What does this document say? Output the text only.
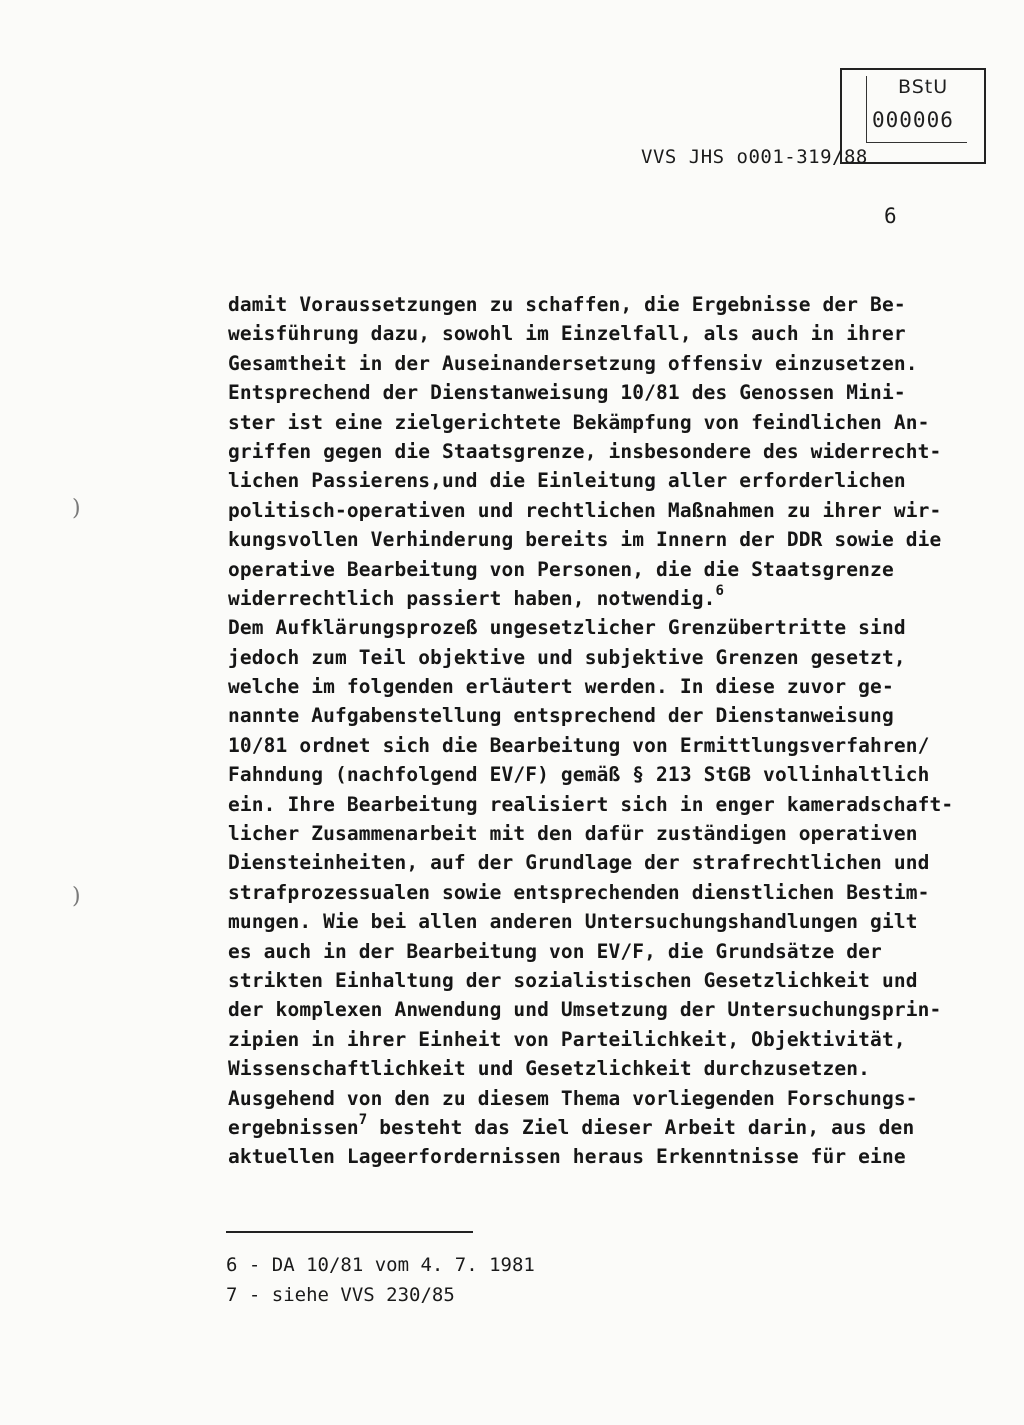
BStU
000006
VVS JHS o001-319/88
6
damit Voraussetzungen zu schaffen, die Ergebnisse der Be-
weisführung dazu, sowohl im Einzelfall, als auch in ihrer
Gesamtheit in der Auseinandersetzung offensiv einzusetzen.
Entsprechend der Dienstanweisung 10/81 des Genossen Mini-
ster ist eine zielgerichtete Bekämpfung von feindlichen An-
griffen gegen die Staatsgrenze, insbesondere des widerrecht-
lichen Passierens,und die Einleitung aller erforderlichen
politisch-operativen und rechtlichen Maßnahmen zu ihrer wir-
kungsvollen Verhinderung bereits im Innern der DDR sowie die
operative Bearbeitung von Personen, die die Staatsgrenze
widerrechtlich passiert haben, notwendig.$^6$
Dem Aufklärungsprozeß ungesetzlicher Grenzübertritte sind
jedoch zum Teil objektive und subjektive Grenzen gesetzt,
welche im folgenden erläutert werden. In diese zuvor ge-
nannte Aufgabenstellung entsprechend der Dienstanweisung
10/81 ordnet sich die Bearbeitung von Ermittlungsverfahren/
Fahndung (nachfolgend EV/F) gemäß § 213 StGB vollinhaltlich
ein. Ihre Bearbeitung realisiert sich in enger kameradschaft-
licher Zusammenarbeit mit den dafür zuständigen operativen
Diensteinheiten, auf der Grundlage der strafrechtlichen und
strafprozessualen sowie entsprechenden dienstlichen Bestim-
mungen. Wie bei allen anderen Untersuchungshandlungen gilt
es auch in der Bearbeitung von EV/F, die Grundsätze der
strikten Einhaltung der sozialistischen Gesetzlichkeit und
der komplexen Anwendung und Umsetzung der Untersuchungsprin-
zipien in ihrer Einheit von Parteilichkeit, Objektivität,
Wissenschaftlichkeit und Gesetzlichkeit durchzusetzen.
Ausgehend von den zu diesem Thema vorliegenden Forschungs-
ergebnissen$^7$ besteht das Ziel dieser Arbeit darin, aus den
aktuellen Lageerfordernissen heraus Erkenntnisse für eine
6 - DA 10/81 vom 4. 7. 1981
7 - siehe VVS 230/85
)
)
